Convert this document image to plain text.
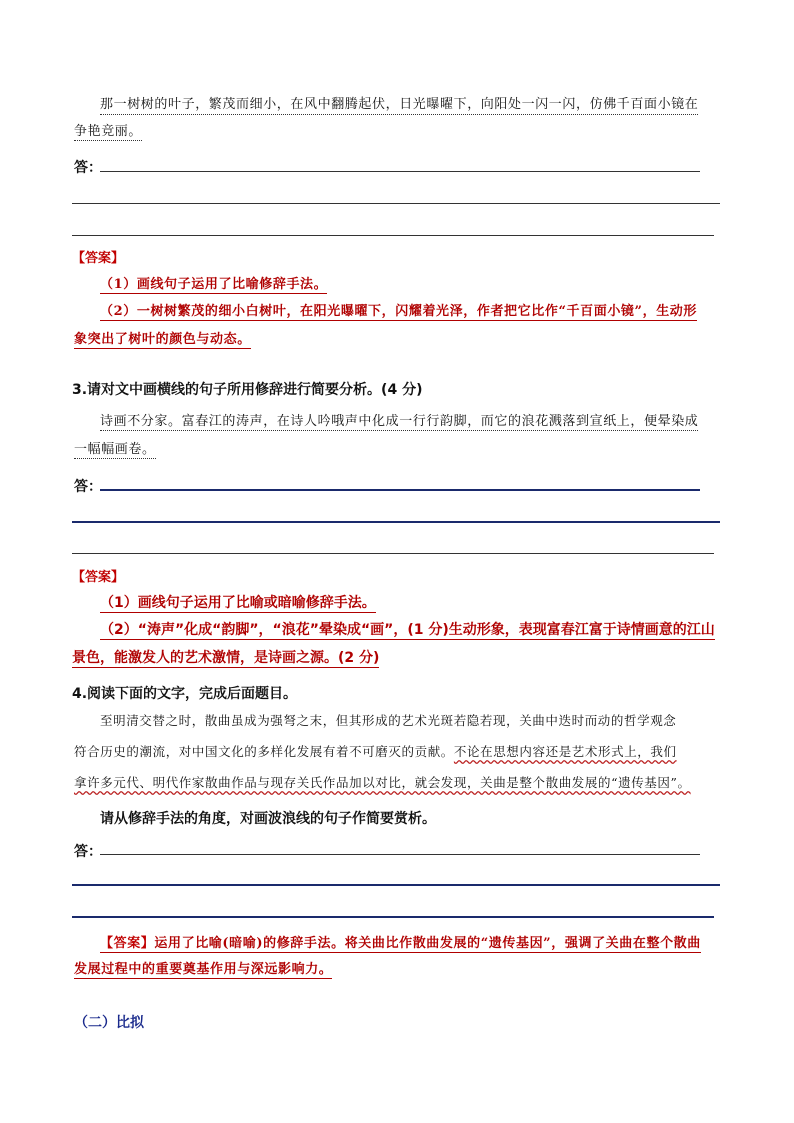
那一树树的叶子，繁茂而细小，在风中翻腾起伏，日光曝曜下，向阳处一闪一闪，仿佛千百面小镜在
争艳竞丽。
答：
【答案】
（1）画线句子运用了比喻修辞手法。
（2）一树树繁茂的细小白树叶，在阳光曝曜下，闪耀着光泽，作者把它比作“千百面小镜”，生动形
象突出了树叶的颜色与动态。
3.请对文中画横线的句子所用修辞进行简要分析。(4 分)
诗画不分家。富春江的涛声，在诗人吟哦声中化成一行行韵脚，而它的浪花溅落到宣纸上，便晕染成
一幅幅画卷。
答：
【答案】
（1）画线句子运用了比喻或暗喻修辞手法。
（2）“涛声”化成“韵脚”，“浪花”晕染成“画”，(1 分)生动形象，表现富春江富于诗情画意的江山
景色，能激发人的艺术激情，是诗画之源。(2 分)
4.阅读下面的文字，完成后面题目。
至明清交替之时，散曲虽成为强弩之末，但其形成的艺术光斑若隐若现，关曲中迭时而动的哲学观念
符合历史的潮流，对中国文化的多样化发展有着不可磨灭的贡献。不论在思想内容还是艺术形式上，我们
拿许多元代、明代作家散曲作品与现存关氏作品加以对比，就会发现，关曲是整个散曲发展的“遗传基因”。
请从修辞手法的角度，对画波浪线的句子作简要赏析。
答：
【答案】运用了比喻(暗喻)的修辞手法。将关曲比作散曲发展的“遗传基因”，强调了关曲在整个散曲
发展过程中的重要奠基作用与深远影响力。
（二）比拟
